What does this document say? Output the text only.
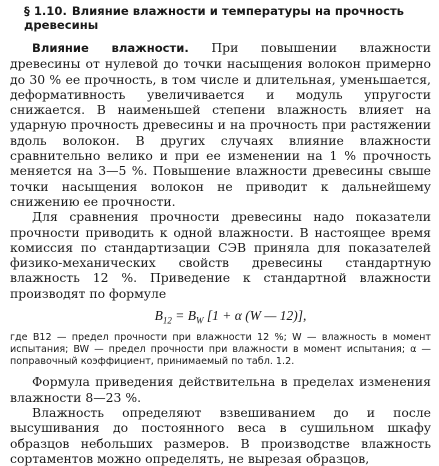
§ 1.10. Влияние влажности и температуры на прочность древесины

Влияние влажности. При повышении влажности древесины от нулевой до точки насыщения волокон примерно до 30 % ее прочность, в том числе и длительная, уменьшается, деформативность увеличивается и модуль упругости снижается. В наименьшей степени влажность влияет на ударную прочность древесины и на прочность при растяжении вдоль волокон. В других случаях влияние влажности сравнительно велико и при ее изменении на 1 % прочность меняется на 3—5 %. Повышение влажности древесины свыше точки насыщения волокон не приводит к дальнейшему снижению ее прочности.

Для сравнения прочности древесины надо показатели прочности приводить к одной влажности. В настоящее время комиссия по стандартизации СЭВ приняла для показателей физико-механических свойств древесины стандартную влажность 12 %. Приведение к стандартной влажности производят по формуле

$B_{12} = B_W$ [1 + α (W — 12)],
где B12 — предел прочности при влажности 12 %; W — влажность в момент испытания; BW — предел прочности при влажности в момент испытания; α — поправочный коэффициент, принимаемый по табл. 1.2.

Формула приведения действительна в пределах изменения влажности 8—23 %.

Влажность определяют взвешиванием до и после высушивания до постоянного веса в сушильном шкафу образцов небольших размеров. В производстве влажность сортаментов можно определять, не вырезая образцов,
